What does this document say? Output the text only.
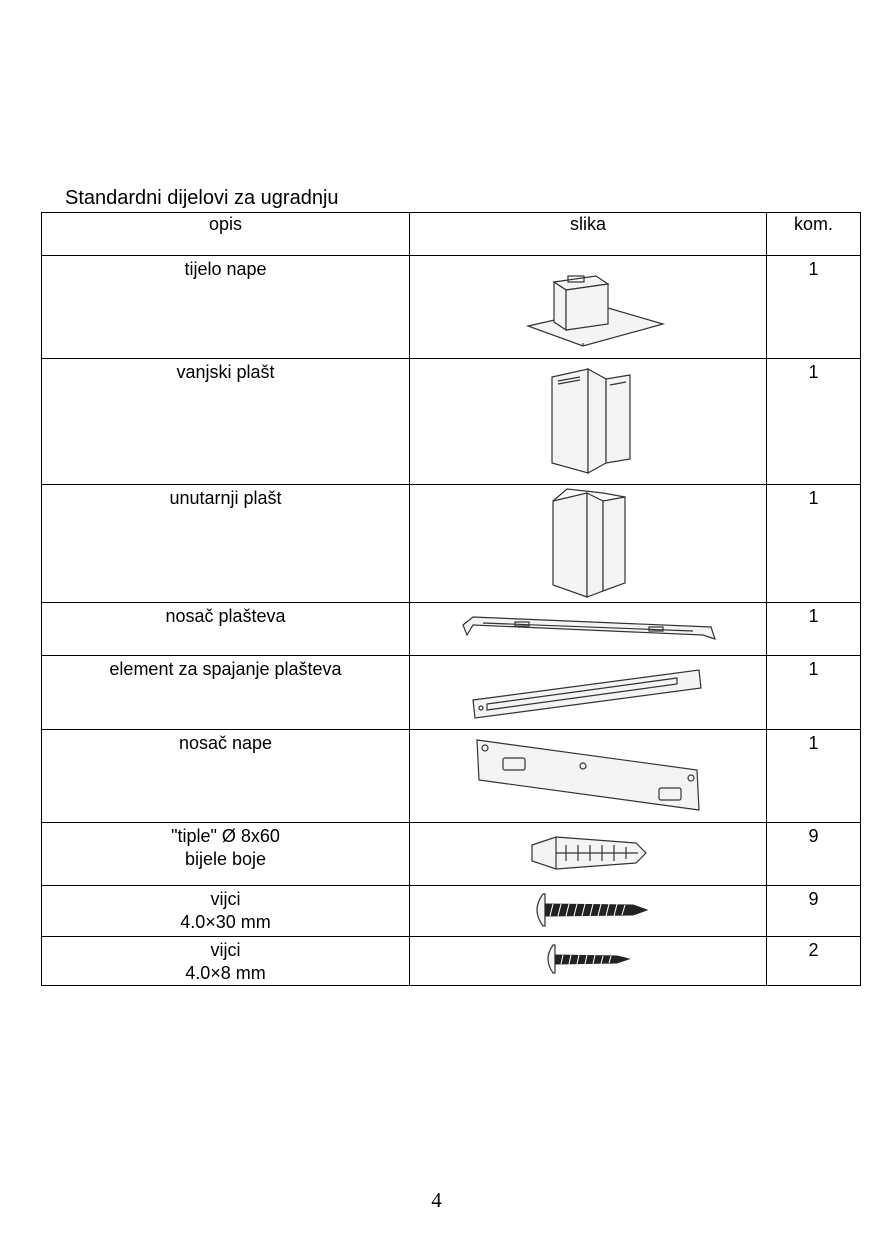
Standardni dijelovi za ugradnju
opis	slika	kom.

tijelo nape		1

vanjski plašt		1

unutarnji plašt		1

nosač plašteva		1

element za spajanje plašteva		1

nosač nape		1

"tiple" Ø 8x60
bijele boje		9

vijci
4.0×30 mm		9

vijci
4.0×8 mm		2
4
